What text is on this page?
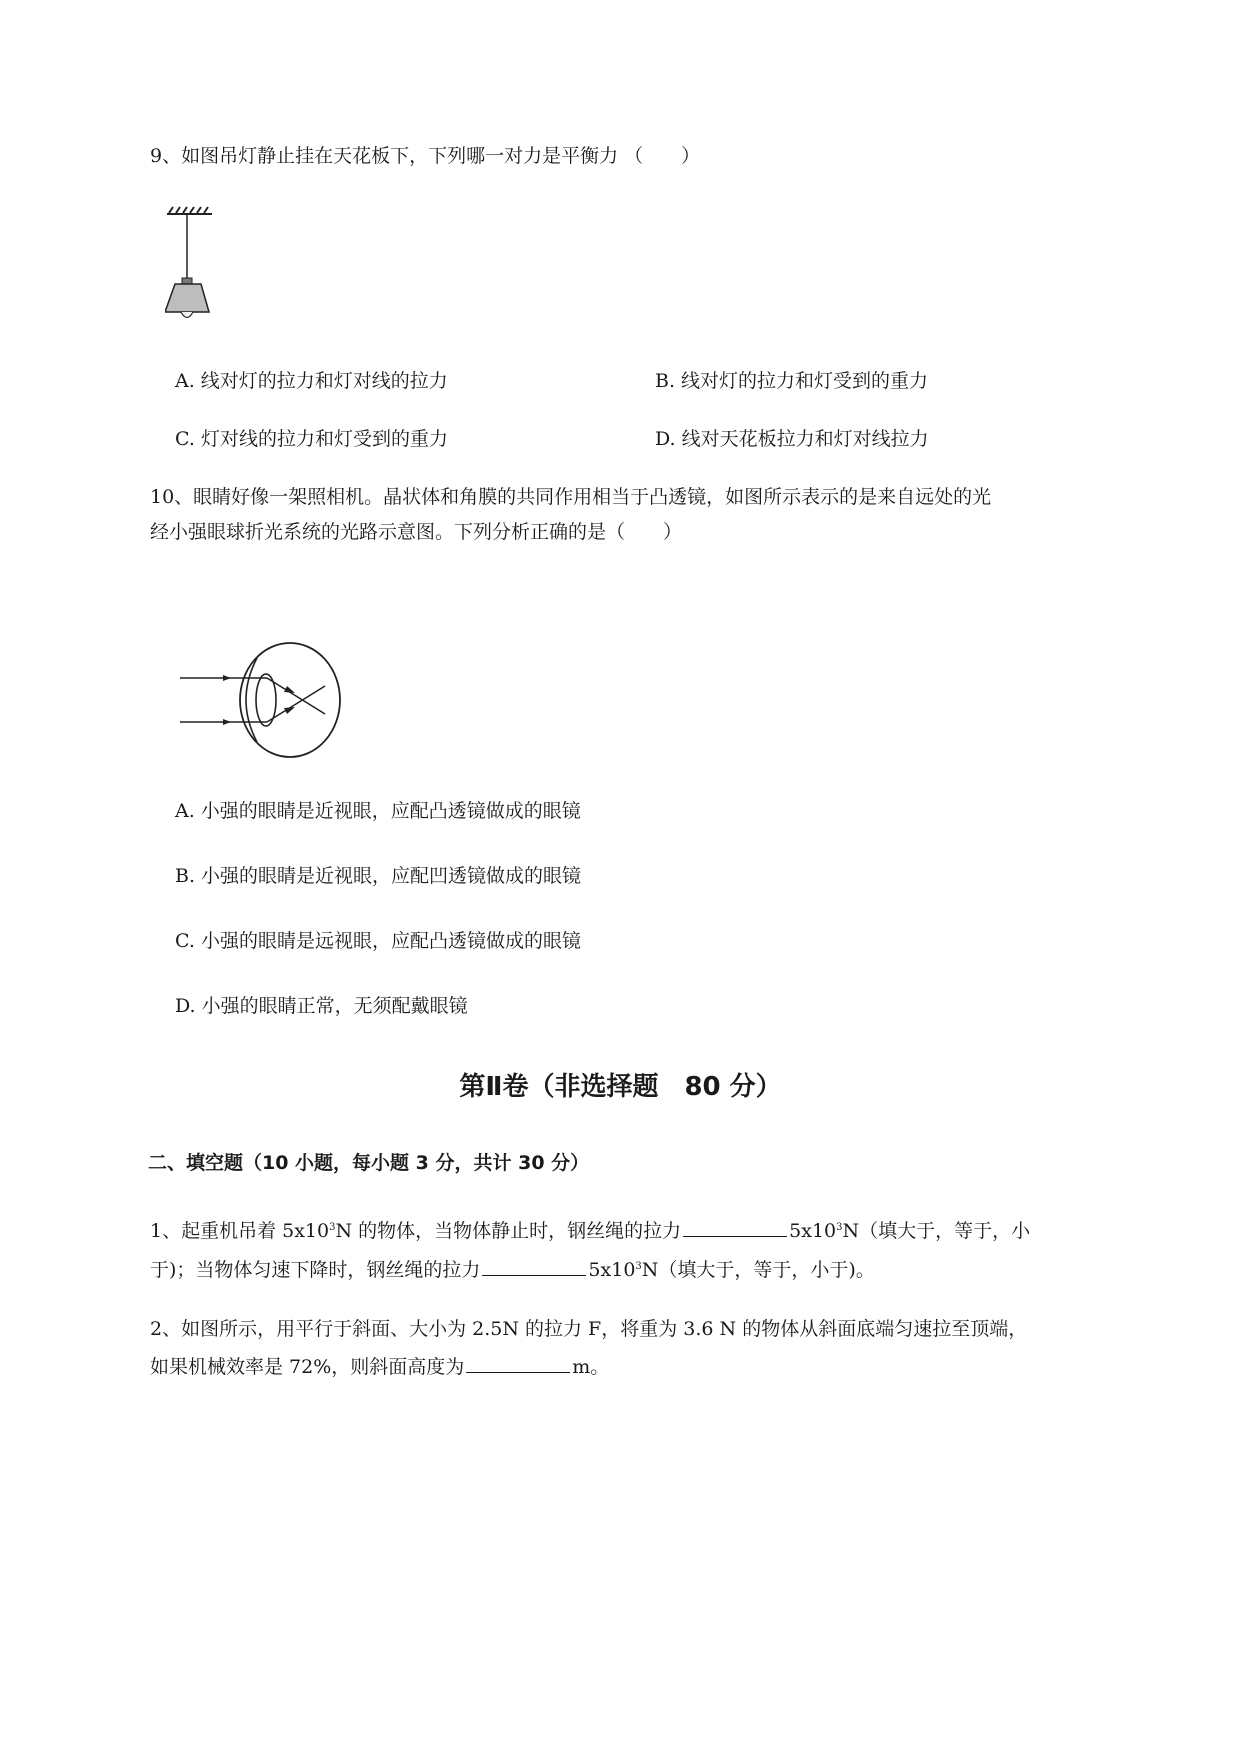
9、如图吊灯静止挂在天花板下，下列哪一对力是平衡力 （　　）
A. 线对灯的拉力和灯对线的拉力	B. 线对灯的拉力和灯受到的重力
C. 灯对线的拉力和灯受到的重力	D. 线对天花板拉力和灯对线拉力
10、眼睛好像一架照相机。晶状体和角膜的共同作用相当于凸透镜，如图所示表示的是来自远处的光
经小强眼球折光系统的光路示意图。下列分析正确的是（　　）
A. 小强的眼睛是近视眼，应配凸透镜做成的眼镜
B. 小强的眼睛是近视眼，应配凹透镜做成的眼镜
C. 小强的眼睛是远视眼，应配凸透镜做成的眼镜
D. 小强的眼睛正常，无须配戴眼镜
第Ⅱ卷（非选择题　80 分）
二、填空题（10 小题，每小题 3 分，共计 30 分）
1、起重机吊着 $5x10^3N$ 的物体，当物体静止时，钢丝绳的拉力	$5x10^3N$（填大于，等于，小
于)；当物体匀速下降时，钢丝绳的拉力	$5x10^3N$（填大于，等于，小于)。
2、如图所示，用平行于斜面、大小为 2.5N 的拉力 F，将重为 3.6 N 的物体从斜面底端匀速拉至顶端，
如果机械效率是 72%，则斜面高度为	m。
